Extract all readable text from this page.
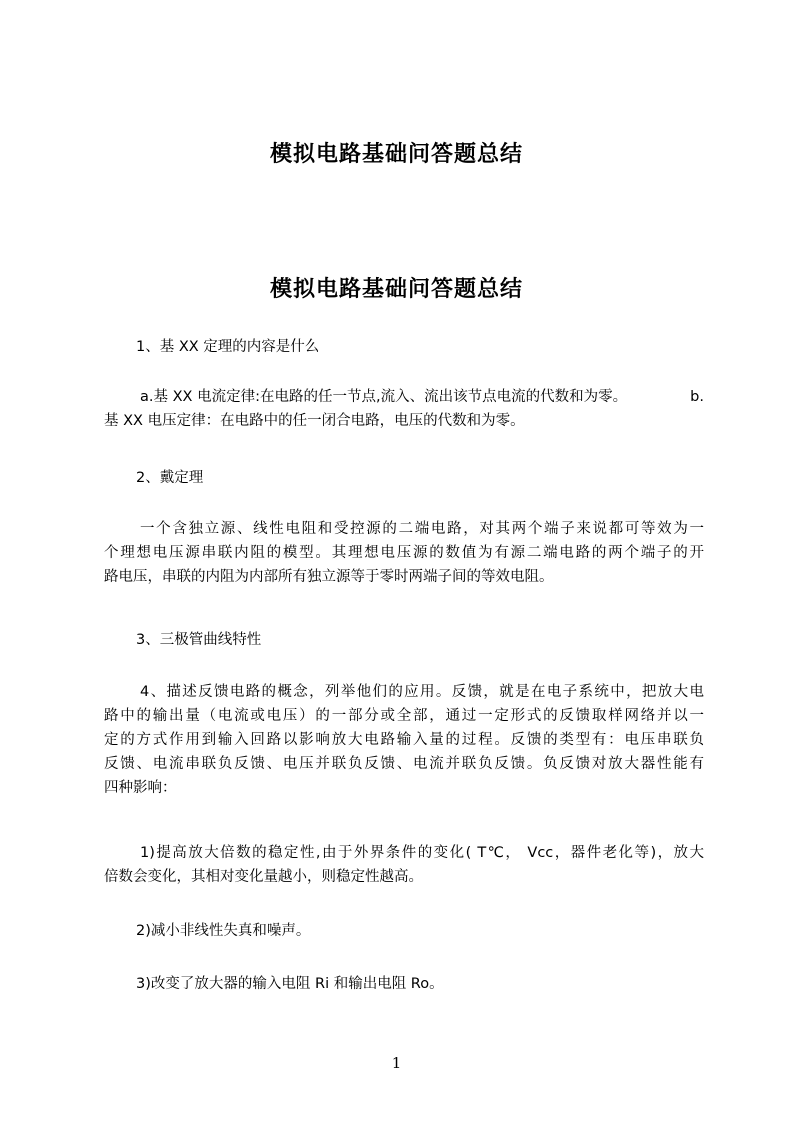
模拟电路基础问答题总结
模拟电路基础问答题总结
1、基 XX 定理的内容是什么
a.基 XX 电流定律:在电路的任一节点,流入、流出该节点电流的代数和为零。	b.
基 XX 电压定律：在电路中的任一闭合电路，电压的代数和为零。
2、戴定理
一个含独立源、线性电阻和受控源的二端电路，对其两个端子来说都可等效为一
个理想电压源串联内阻的模型。其理想电压源的数值为有源二端电路的两个端子的开
路电压，串联的内阻为内部所有独立源等于零时两端子间的等效电阻。
3、三极管曲线特性
4、描述反馈电路的概念，列举他们的应用。反馈，就是在电子系统中，把放大电
路中的输出量（电流或电压）的一部分或全部，通过一定形式的反馈取样网络并以一
定的方式作用到输入回路以影响放大电路输入量的过程。反馈的类型有：电压串联负
反馈、电流串联负反馈、电压并联负反馈、电流并联负反馈。负反馈对放大器性能有
四种影响：
1)提高放大倍数的稳定性,由于外界条件的变化( T℃， Vcc，器件老化等)，放大
倍数会变化，其相对变化量越小，则稳定性越高。
2)减小非线性失真和噪声。
3)改变了放大器的输入电阻 Ri 和输出电阻 Ro。
1
